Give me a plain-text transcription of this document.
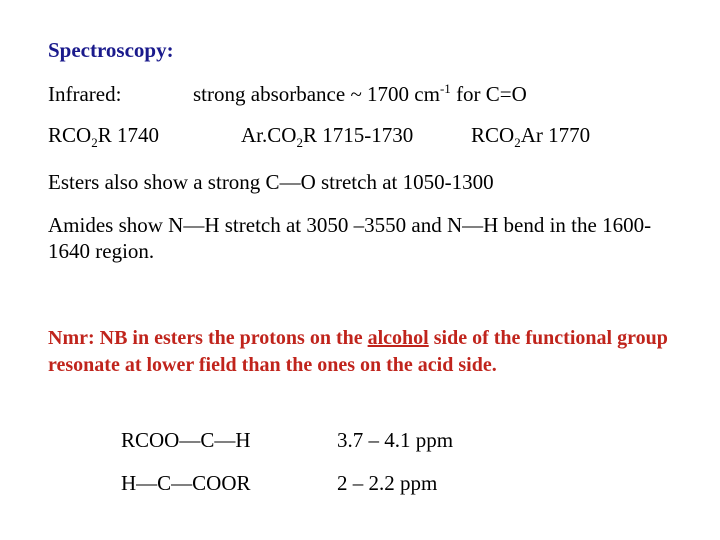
Spectroscopy:
Infrared:	strong absorbance ~ 1700 $cm^{-1}$ for C=O
$RCO_2R$ 1740	$Ar.CO_2R$ 1715-1730	$RCO_2Ar$ 1770
Esters also show a strong C—O stretch at 1050-1300
Amides show N—H stretch at 3050 –3550 and N—H bend in the 1600-1640 region.
Nmr: NB in esters the protons on the alcohol side of the functional group resonate at lower field than the ones on the acid side.
RCOO—C—H	3.7 – 4.1 ppm
H—C—COOR	2 – 2.2 ppm
